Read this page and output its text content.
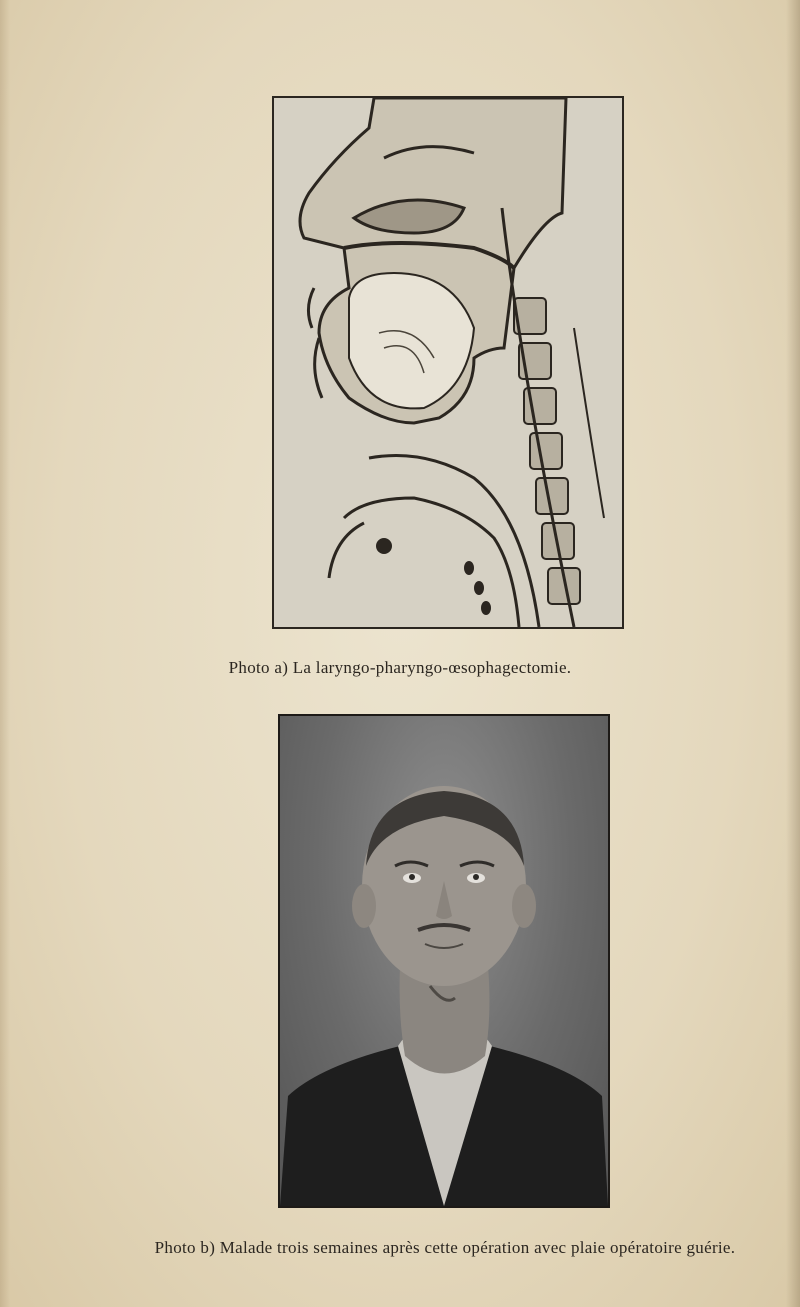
Photo a) La laryngo-pharyngo-œsophagectomie.
Photo b) Malade trois semaines après cette opération avec plaie opératoire guérie.
